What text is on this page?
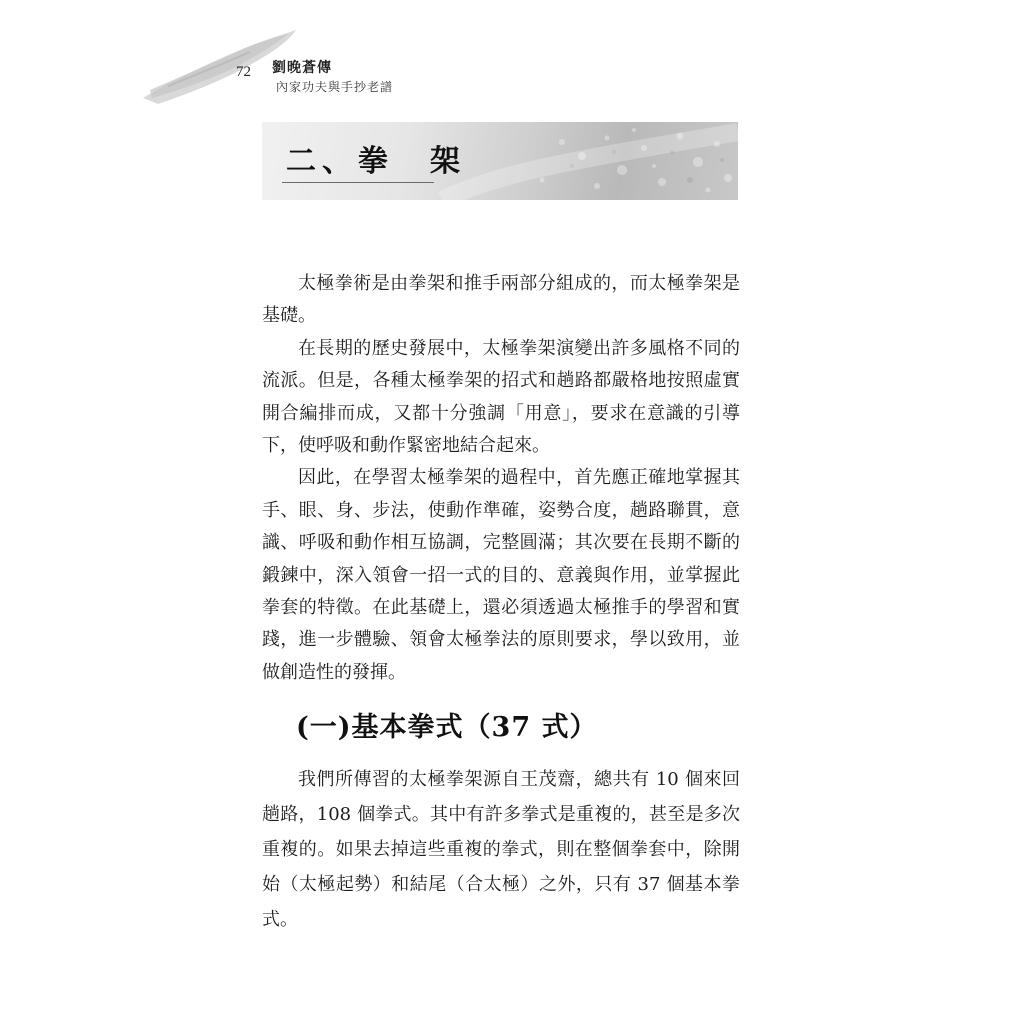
72 劉晚蒼傳
內家功夫與手抄老譜
二、拳　架

太極拳術是由拳架和推手兩部分組成的，而太極拳架是基礎。

在長期的歷史發展中，太極拳架演變出許多風格不同的流派。但是，各種太極拳架的招式和趟路都嚴格地按照虛實開合編排而成，又都十分強調「用意」，要求在意識的引導下，使呼吸和動作緊密地結合起來。

因此，在學習太極拳架的過程中，首先應正確地掌握其手、眼、身、步法，使動作準確，姿勢合度，趟路聯貫，意識、呼吸和動作相互協調，完整圓滿；其次要在長期不斷的鍛鍊中，深入領會一招一式的目的、意義與作用，並掌握此拳套的特徵。在此基礎上，還必須透過太極推手的學習和實踐，進一步體驗、領會太極拳法的原則要求，學以致用，並做創造性的發揮。

(一)基本拳式（37 式）

我們所傳習的太極拳架源自王茂齋，總共有 10 個來回趟路，108 個拳式。其中有許多拳式是重複的，甚至是多次重複的。如果去掉這些重複的拳式，則在整個拳套中，除開始（太極起勢）和結尾（合太極）之外，只有 37 個基本拳式。
